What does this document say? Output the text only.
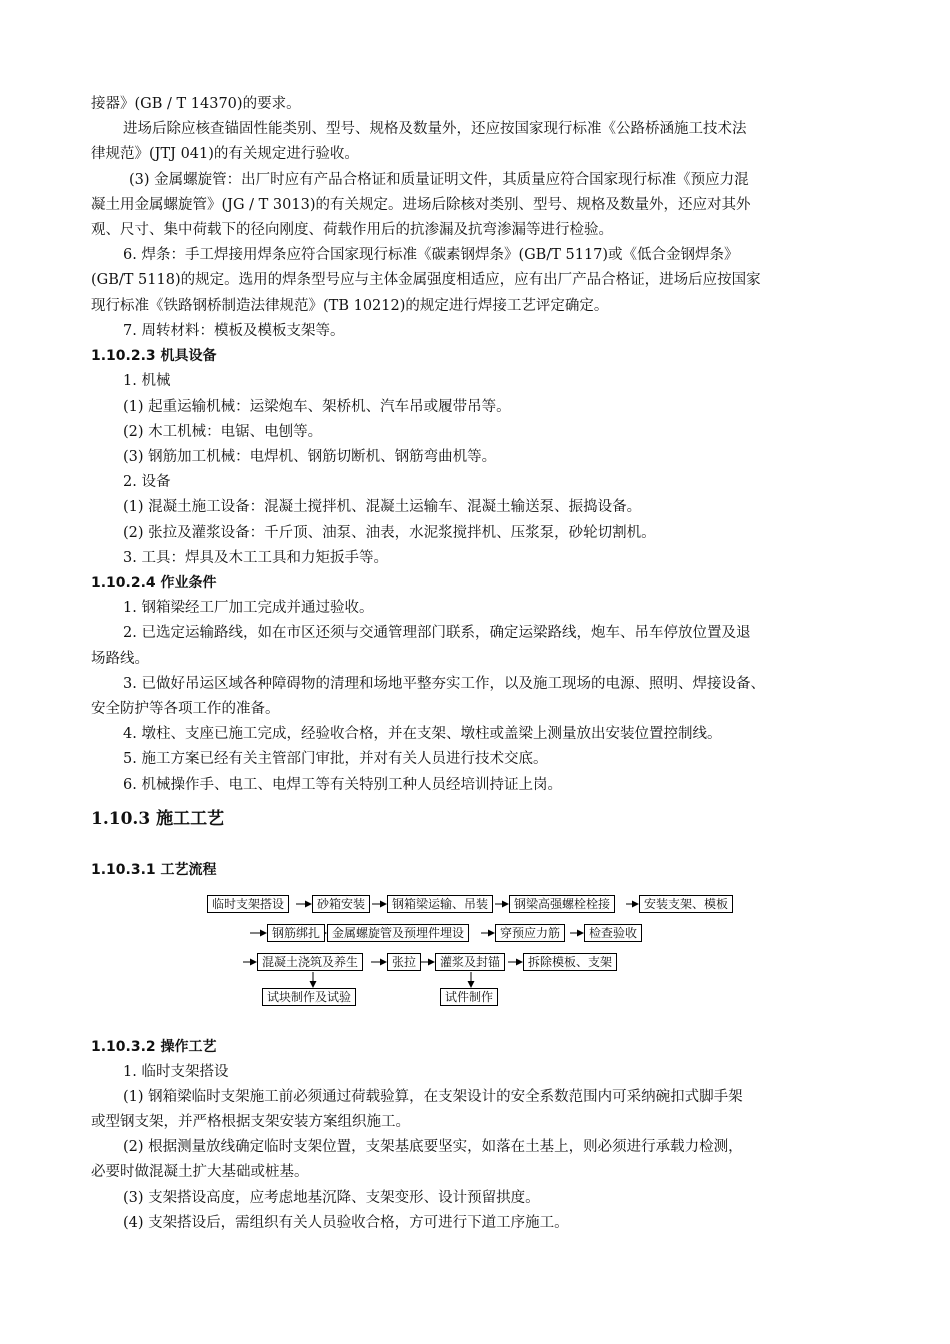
接器》(GB / T 14370)的要求。
进场后除应核查锚固性能类别、型号、规格及数量外，还应按国家现行标准《公路桥涵施工技术法
律规范》(JTJ 041)的有关规定进行验收。
(3) 金属螺旋管：出厂时应有产品合格证和质量证明文件，其质量应符合国家现行标准《预应力混
凝土用金属螺旋管》(JG / T 3013)的有关规定。进场后除核对类别、型号、规格及数量外，还应对其外
观、尺寸、集中荷载下的径向刚度、荷载作用后的抗渗漏及抗弯渗漏等进行检验。
6. 焊条：手工焊接用焊条应符合国家现行标准《碳素钢焊条》(GB/T 5117)或《低合金钢焊条》
(GB/T 5118)的规定。选用的焊条型号应与主体金属强度相适应，应有出厂产品合格证，进场后应按国家
现行标准《铁路钢桥制造法律规范》(TB 10212)的规定进行焊接工艺评定确定。
7. 周转材料：模板及模板支架等。
1.10.2.3 机具设备
1. 机械
(1) 起重运输机械：运梁炮车、架桥机、汽车吊或履带吊等。
(2) 木工机械：电锯、电刨等。
(3) 钢筋加工机械：电焊机、钢筋切断机、钢筋弯曲机等。
2. 设备
(1) 混凝土施工设备：混凝土搅拌机、混凝土运输车、混凝土输送泵、振捣设备。
(2) 张拉及灌浆设备：千斤顶、油泵、油表，水泥浆搅拌机、压浆泵，砂轮切割机。
3. 工具：焊具及木工工具和力矩扳手等。
1.10.2.4 作业条件
1. 钢箱梁经工厂加工完成并通过验收。
2. 已选定运输路线，如在市区还须与交通管理部门联系，确定运梁路线，炮车、吊车停放位置及退
场路线。
3. 已做好吊运区域各种障碍物的清理和场地平整夯实工作，以及施工现场的电源、照明、焊接设备、
安全防护等各项工作的准备。
4. 墩柱、支座已施工完成，经验收合格，并在支架、墩柱或盖梁上测量放出安装位置控制线。
5. 施工方案已经有关主管部门审批，并对有关人员进行技术交底。
6. 机械操作手、电工、电焊工等有关特别工种人员经培训持证上岗。
1.10.3 施工工艺
1.10.3.1 工艺流程
临时支架搭设	砂箱安装	钢箱梁运输、吊装	钢梁高强螺栓栓接	安装支架、模板
钢筋绑扎 金属螺旋管及预埋件埋设	穿预应力筋	检查验收
混凝土浇筑及养生	张拉	灌浆及封锚	拆除模板、支架
试块制作及试验	试件制作
1.10.3.2 操作工艺
1. 临时支架搭设
(1) 钢箱梁临时支架施工前必须通过荷载验算，在支架设计的安全系数范围内可采纳碗扣式脚手架
或型钢支架，并严格根据支架安装方案组织施工。
(2) 根据测量放线确定临时支架位置，支架基底要坚实，如落在土基上，则必须进行承载力检测，
必要时做混凝土扩大基础或桩基。
(3) 支架搭设高度，应考虑地基沉降、支架变形、设计预留拱度。
(4) 支架搭设后，需组织有关人员验收合格，方可进行下道工序施工。
